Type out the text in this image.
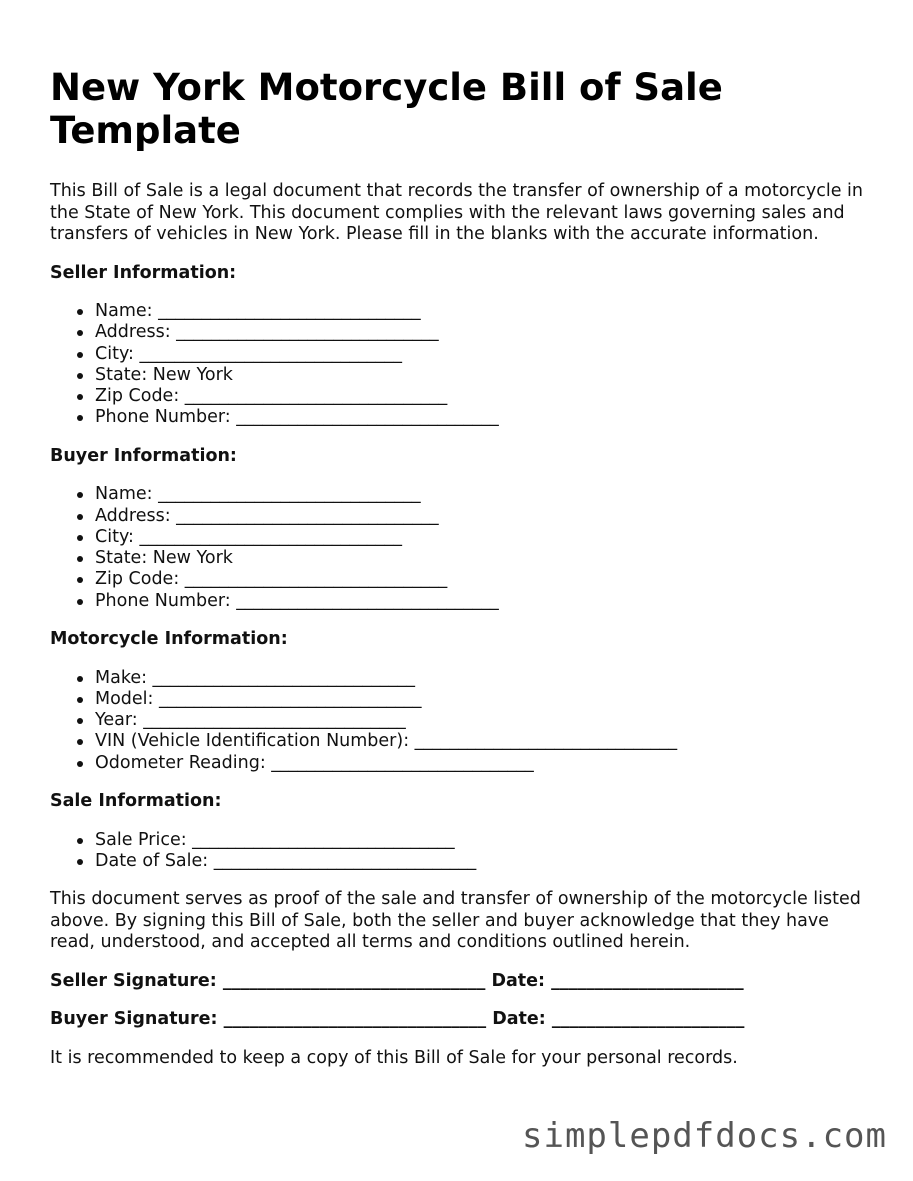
New York Motorcycle Bill of Sale Template

This Bill of Sale is a legal document that records the transfer of ownership of a motorcycle in the State of New York. This document complies with the relevant laws governing sales and transfers of vehicles in New York. Please fill in the blanks with the accurate information.

Seller Information:
Name: ______________________________
Address: ______________________________
City: ______________________________
State: New York
Zip Code: ______________________________
Phone Number: ______________________________
Buyer Information:
Name: ______________________________
Address: ______________________________
City: ______________________________
State: New York
Zip Code: ______________________________
Phone Number: ______________________________
Motorcycle Information:
Make: ______________________________
Model: ______________________________
Year: ______________________________
VIN (Vehicle Identification Number): ______________________________
Odometer Reading: ______________________________
Sale Information:
Sale Price: ______________________________
Date of Sale: ______________________________

This document serves as proof of the sale and transfer of ownership of the motorcycle listed above. By signing this Bill of Sale, both the seller and buyer acknowledge that they have read, understood, and accepted all terms and conditions outlined herein.

Seller Signature: ______________________________ Date: ______________________
Buyer Signature: ______________________________ Date: ______________________

It is recommended to keep a copy of this Bill of Sale for your personal records.

simplepdfdocs.com
